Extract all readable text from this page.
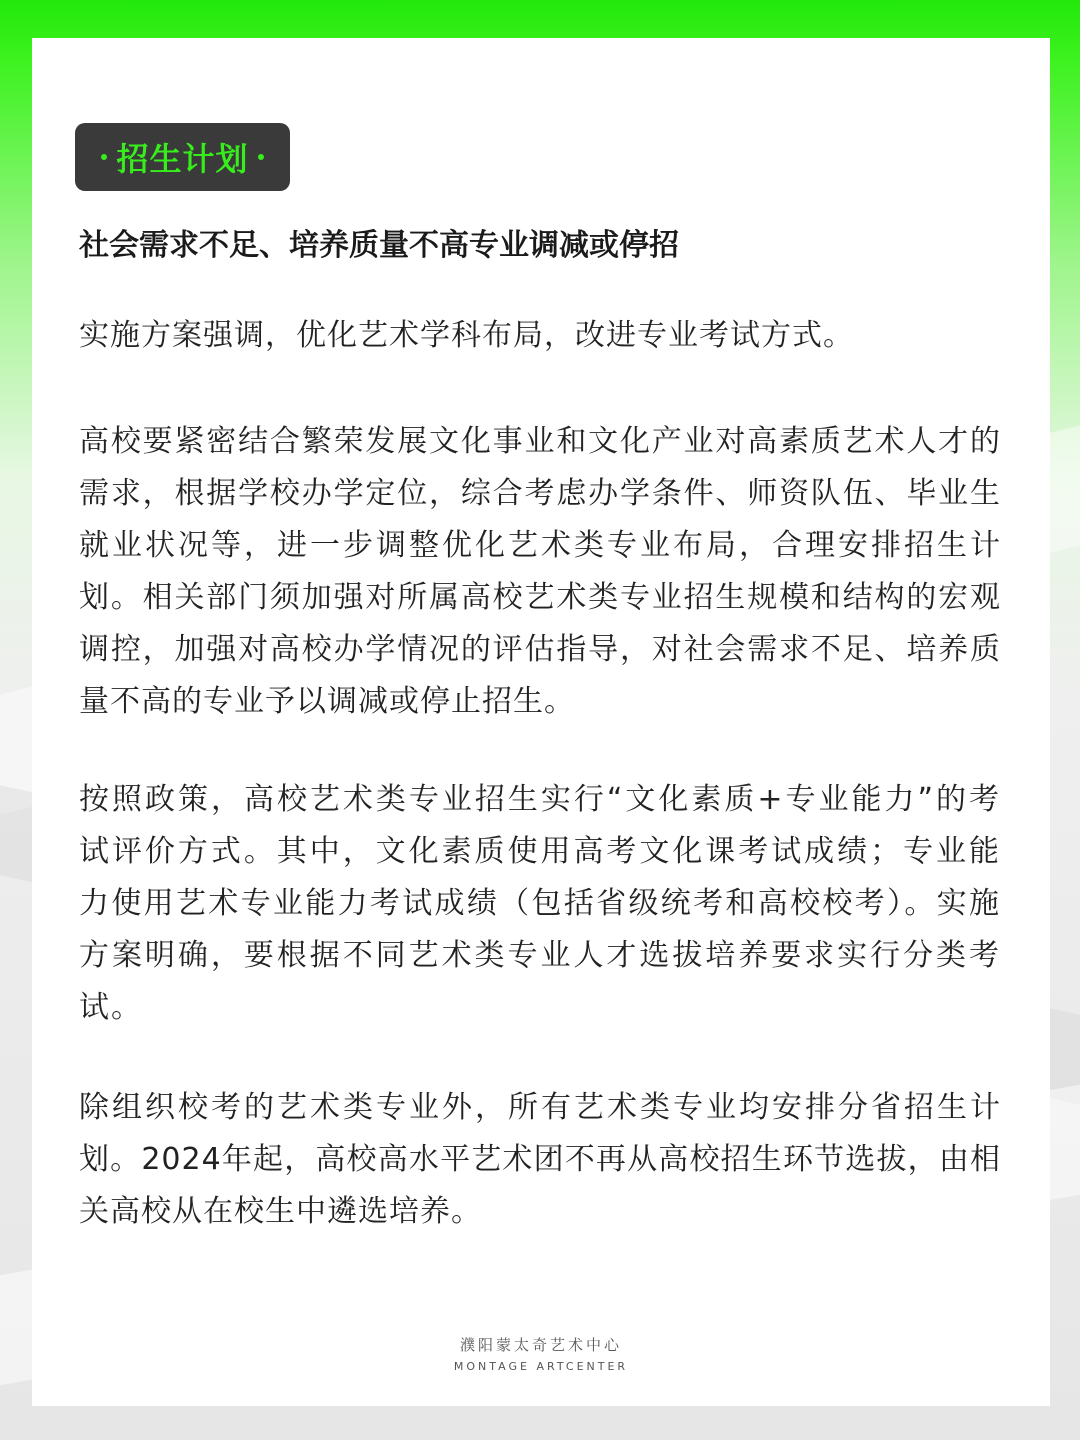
招生计划
社会需求不足、培养质量不高专业调减或停招

实施方案强调，优化艺术学科布局，改进专业考试方式。

高校要紧密结合繁荣发展文化事业和文化产业对高素质艺术人才的需求，根据学校办学定位，综合考虑办学条件、师资队伍、毕业生就业状况等，进一步调整优化艺术类专业布局，合理安排招生计划。相关部门须加强对所属高校艺术类专业招生规模和结构的宏观调控，加强对高校办学情况的评估指导，对社会需求不足、培养质量不高的专业予以调减或停止招生。

按照政策，高校艺术类专业招生实行“文化素质+专业能力”的考试评价方式。其中，文化素质使用高考文化课考试成绩；专业能力使用艺术专业能力考试成绩（包括省级统考和高校校考）。实施方案明确，要根据不同艺术类专业人才选拔培养要求实行分类考试。

除组织校考的艺术类专业外，所有艺术类专业均安排分省招生计划。2024年起，高校高水平艺术团不再从高校招生环节选拔，由相关高校从在校生中遴选培养。

濮阳蒙太奇艺术中心
MONTAGE ARTCENTER
